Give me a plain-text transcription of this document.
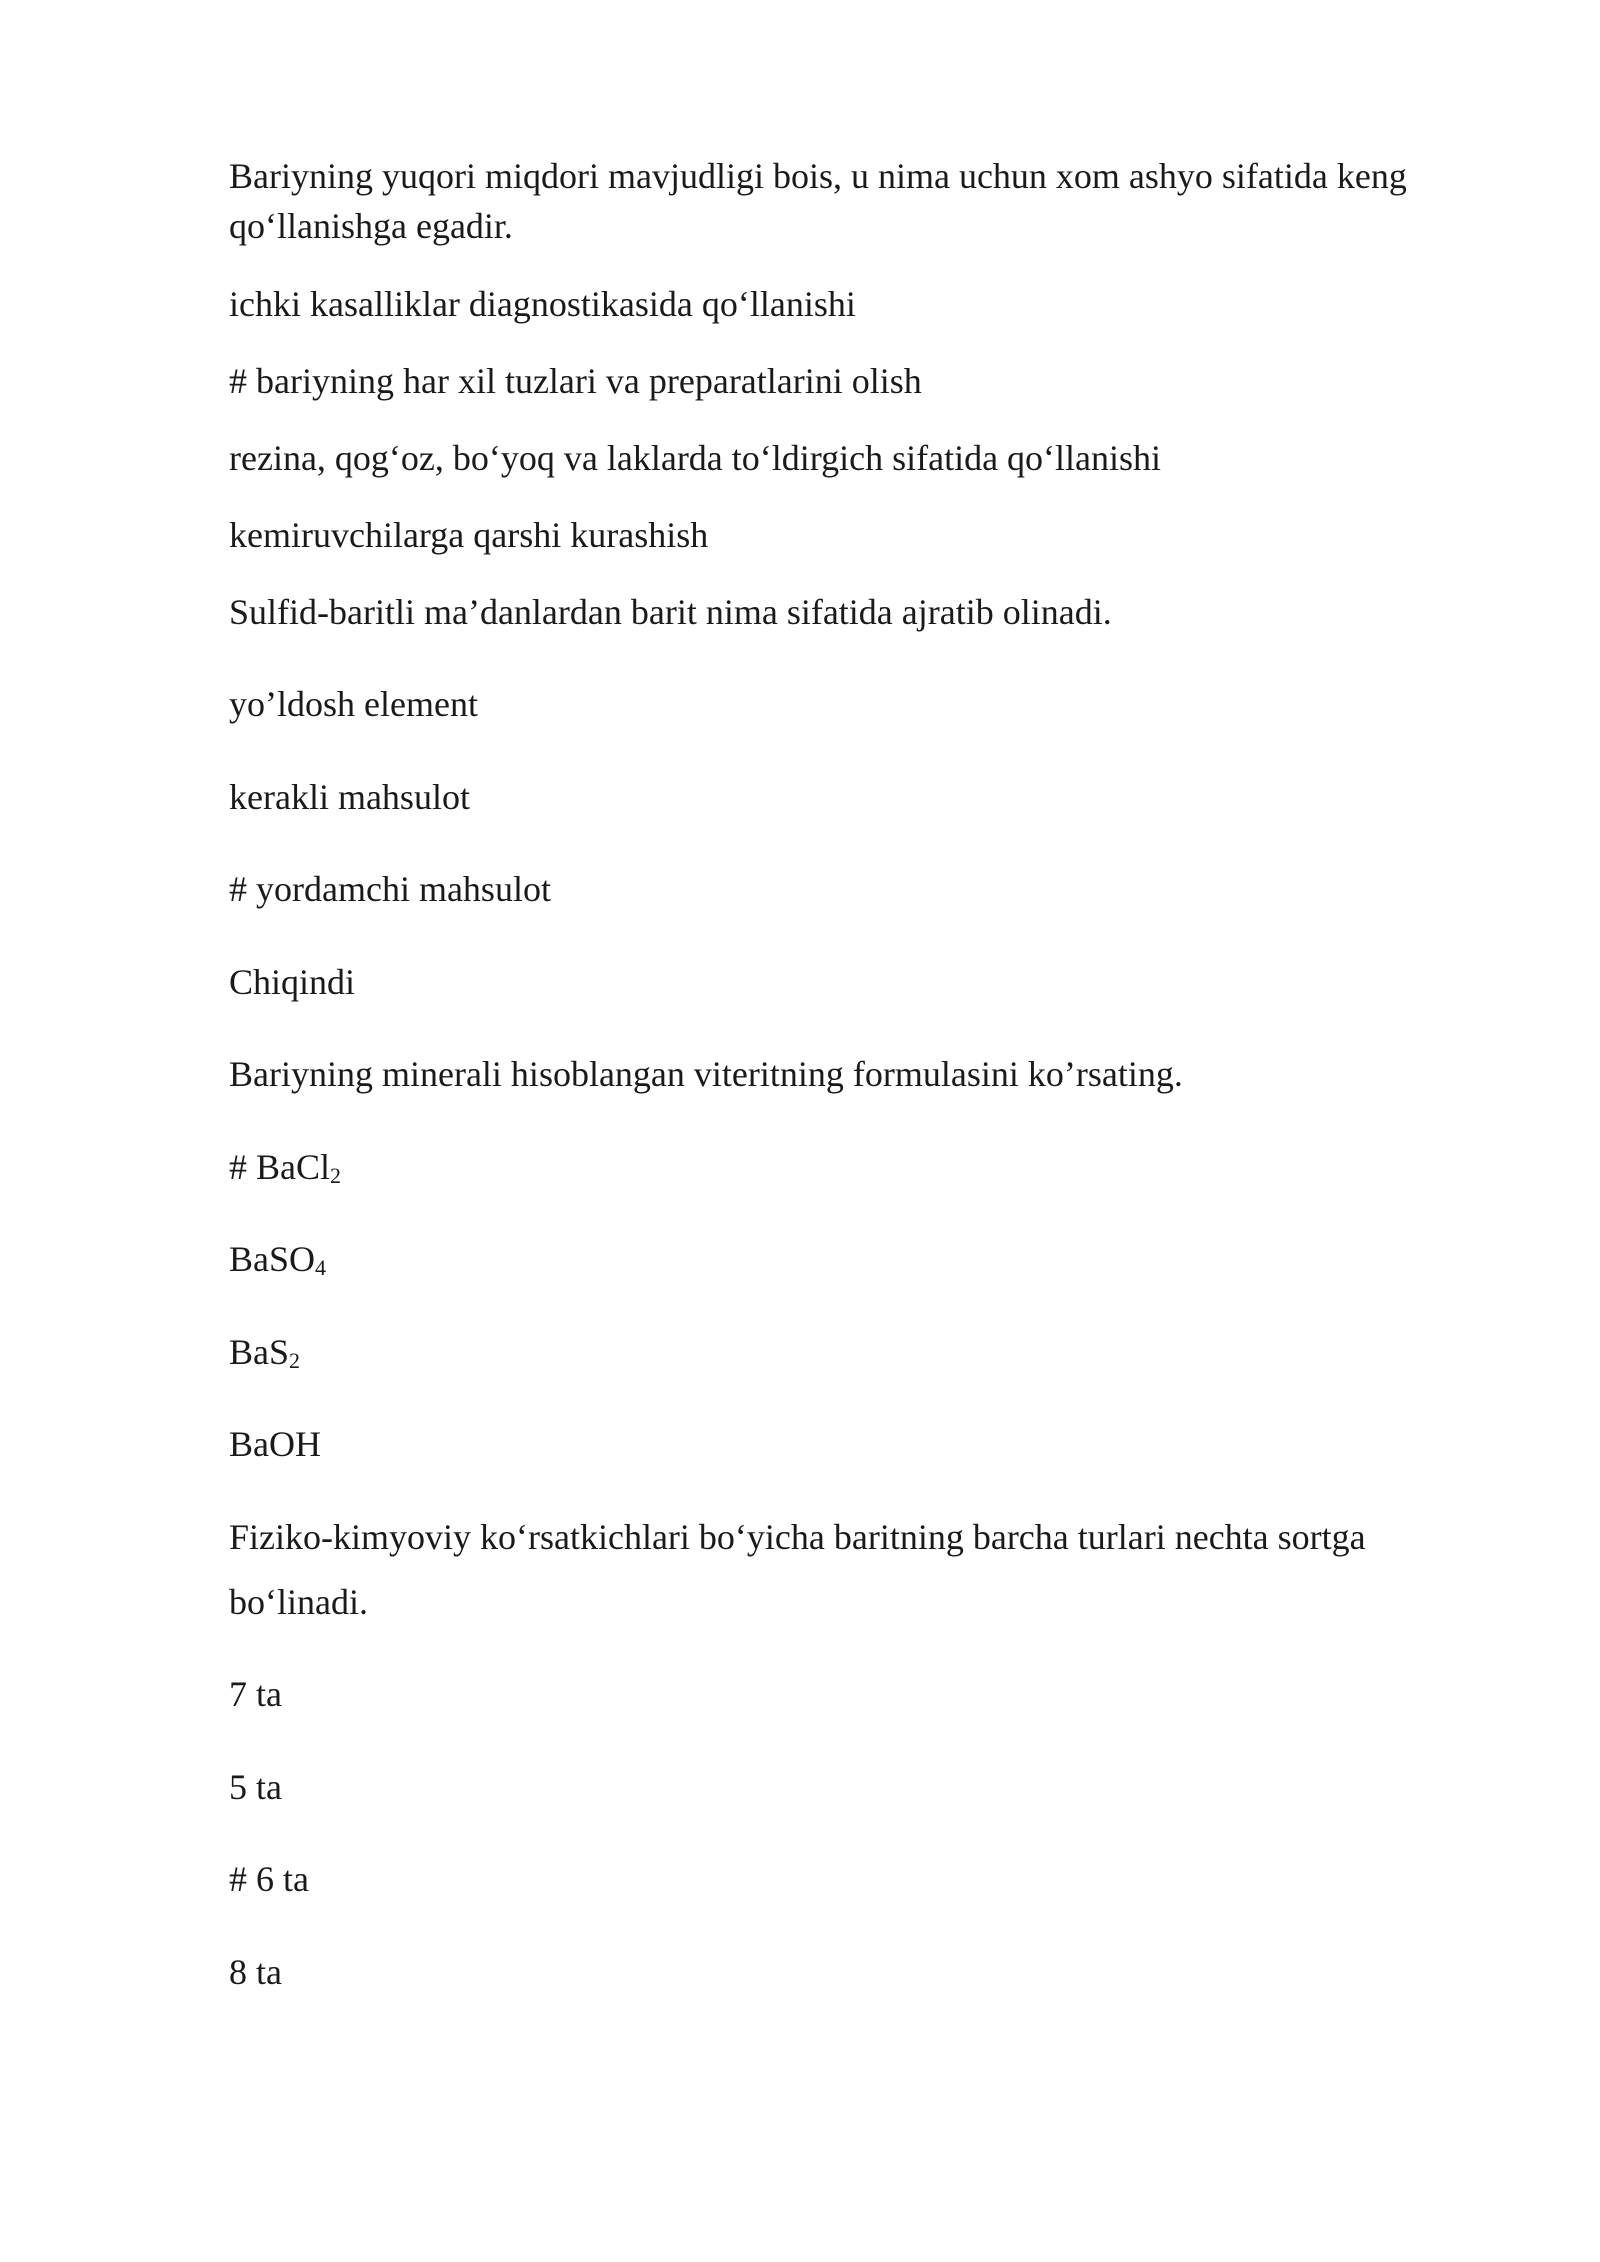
Bariyning yuqori miqdori mavjudligi bois, u nima uchun xom ashyo sifatida keng qo‘llanishga egadir.
ichki kasalliklar diagnostikasida qo‘llanishi
# bariyning har xil tuzlari va preparatlarini olish
rezina, qog‘oz, bo‘yoq va laklarda to‘ldirgich sifatida qo‘llanishi
kemiruvchilarga qarshi kurashish
Sulfid-baritli ma’danlardan barit nima sifatida ajratib olinadi.
yo’ldosh element
kerakli mahsulot
# yordamchi mahsulot
Chiqindi
Bariyning minerali hisoblangan viteritning formulasini ko’rsating.
# BaCl$_2$
BaSO$_4$
BaS$_2$
BaOH
Fiziko-kimyoviy ko‘rsatkichlari bo‘yicha baritning barcha turlari nechta sortga
bo‘linadi.
7 ta
5 ta
# 6 ta
8 ta
